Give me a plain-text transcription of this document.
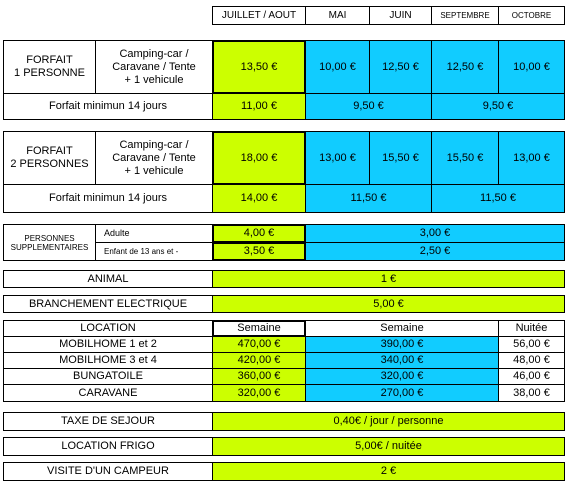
JUILLET / AOUT	MAI	JUIN	SEPTEMBRE	OCTOBRE
FORFAIT
1 PERSONNE
Camping-car /
Caravane / Tente
+ 1 vehicule
13,50 €	10,00 €	12,50 €	12,50 €	10,00 €
Forfait minimun 14 jours	11,00 €	9,50 €	9,50 €
FORFAIT
2 PERSONNES
Camping-car /
Caravane / Tente
+ 1 vehicule
18,00 €	13,00 €	15,50 €	15,50 €	13,00 €
Forfait minimun 14 jours	14,00 €	11,50 €	11,50 €
PERSONNES
SUPPLEMENTAIRES
Adulte	4,00 €	3,00 €
Enfant de 13 ans et -	3,50 €	2,50 €
ANIMAL	1 €
BRANCHEMENT ELECTRIQUE	5,00 €
LOCATION	Semaine	Semaine	Nuitée
MOBILHOME 1 et 2	470,00 €	390,00 €	56,00 €
MOBILHOME 3 et 4	420,00 €	340,00 €	48,00 €
BUNGATOILE	360,00 €	320,00 €	46,00 €
CARAVANE	320,00 €	270,00 €	38,00 €
TAXE DE SEJOUR	0,40€ / jour / personne
LOCATION FRIGO	5,00€ / nuitée
VISITE D'UN CAMPEUR	2 €
